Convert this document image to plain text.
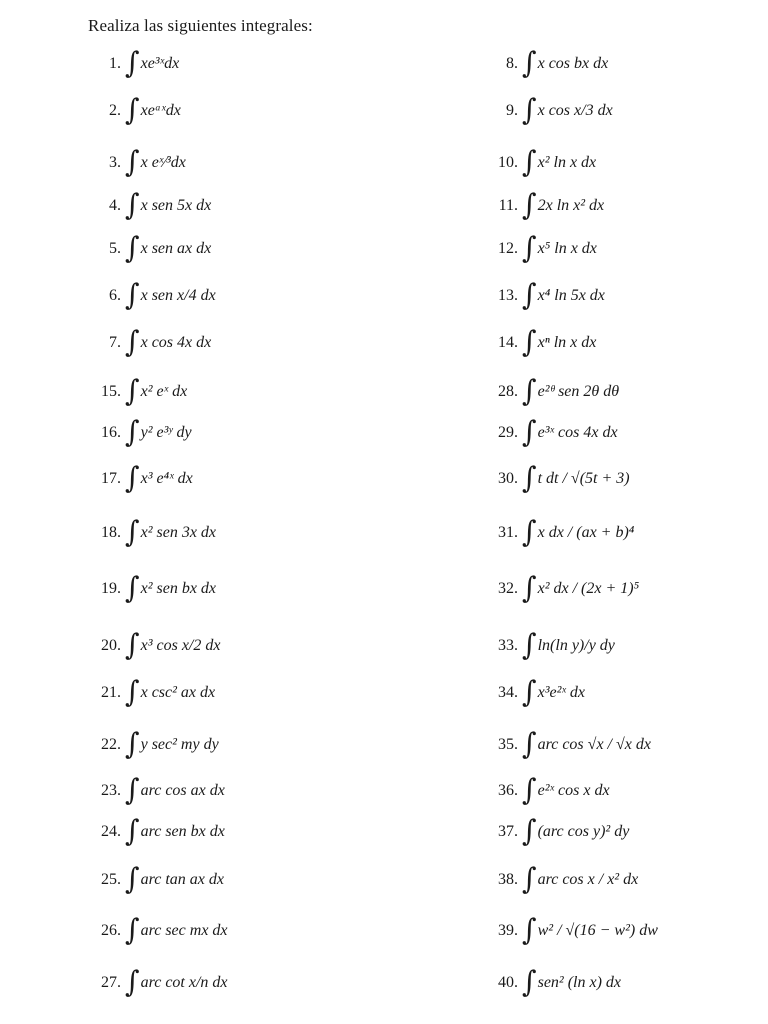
Realiza las siguientes integrales:
1. ∫ xe³ˣdx
2. ∫ xeᵃˣdx
3. ∫ x eˣ⁄³dx
4. ∫ x sen 5x dx
5. ∫ x sen ax dx
6. ∫ x sen x/4 dx
7. ∫ x cos 4x dx
15. ∫ x² eˣ dx
16. ∫ y² e³ʸ dy
17. ∫ x³ e⁴ˣ dx
18. ∫ x² sen 3x dx
19. ∫ x² sen bx dx
20. ∫ x³ cos x/2 dx
21. ∫ x csc² ax dx
22. ∫ y sec² my dy
23. ∫ arc cos ax dx
24. ∫ arc sen bx dx
25. ∫ arc tan ax dx
26. ∫ arc sec mx dx
27. ∫ arc cot x/n dx
8. ∫ x cos bx dx
9. ∫ x cos x/3 dx
10. ∫ x² ln x dx
11. ∫ 2x ln x² dx
12. ∫ x⁵ ln x dx
13. ∫ x⁴ ln 5x dx
14. ∫ xⁿ ln x dx
28. ∫ e²ᶿ sen 2θ dθ
29. ∫ e³ˣ cos 4x dx
30. ∫ t dt / √(5t + 3)
31. ∫ x dx / (ax + b)⁴
32. ∫ x² dx / (2x + 1)⁵
33. ∫ ln(ln y)/y dy
34. ∫ x³e²ˣ dx
35. ∫ arc cos √x / √x dx
36. ∫ e²ˣ cos x dx
37. ∫ (arc cos y)² dy
38. ∫ arc cos x / x² dx
39. ∫ w² / √(16 − w²) dw
40. ∫ sen² (ln x) dx
